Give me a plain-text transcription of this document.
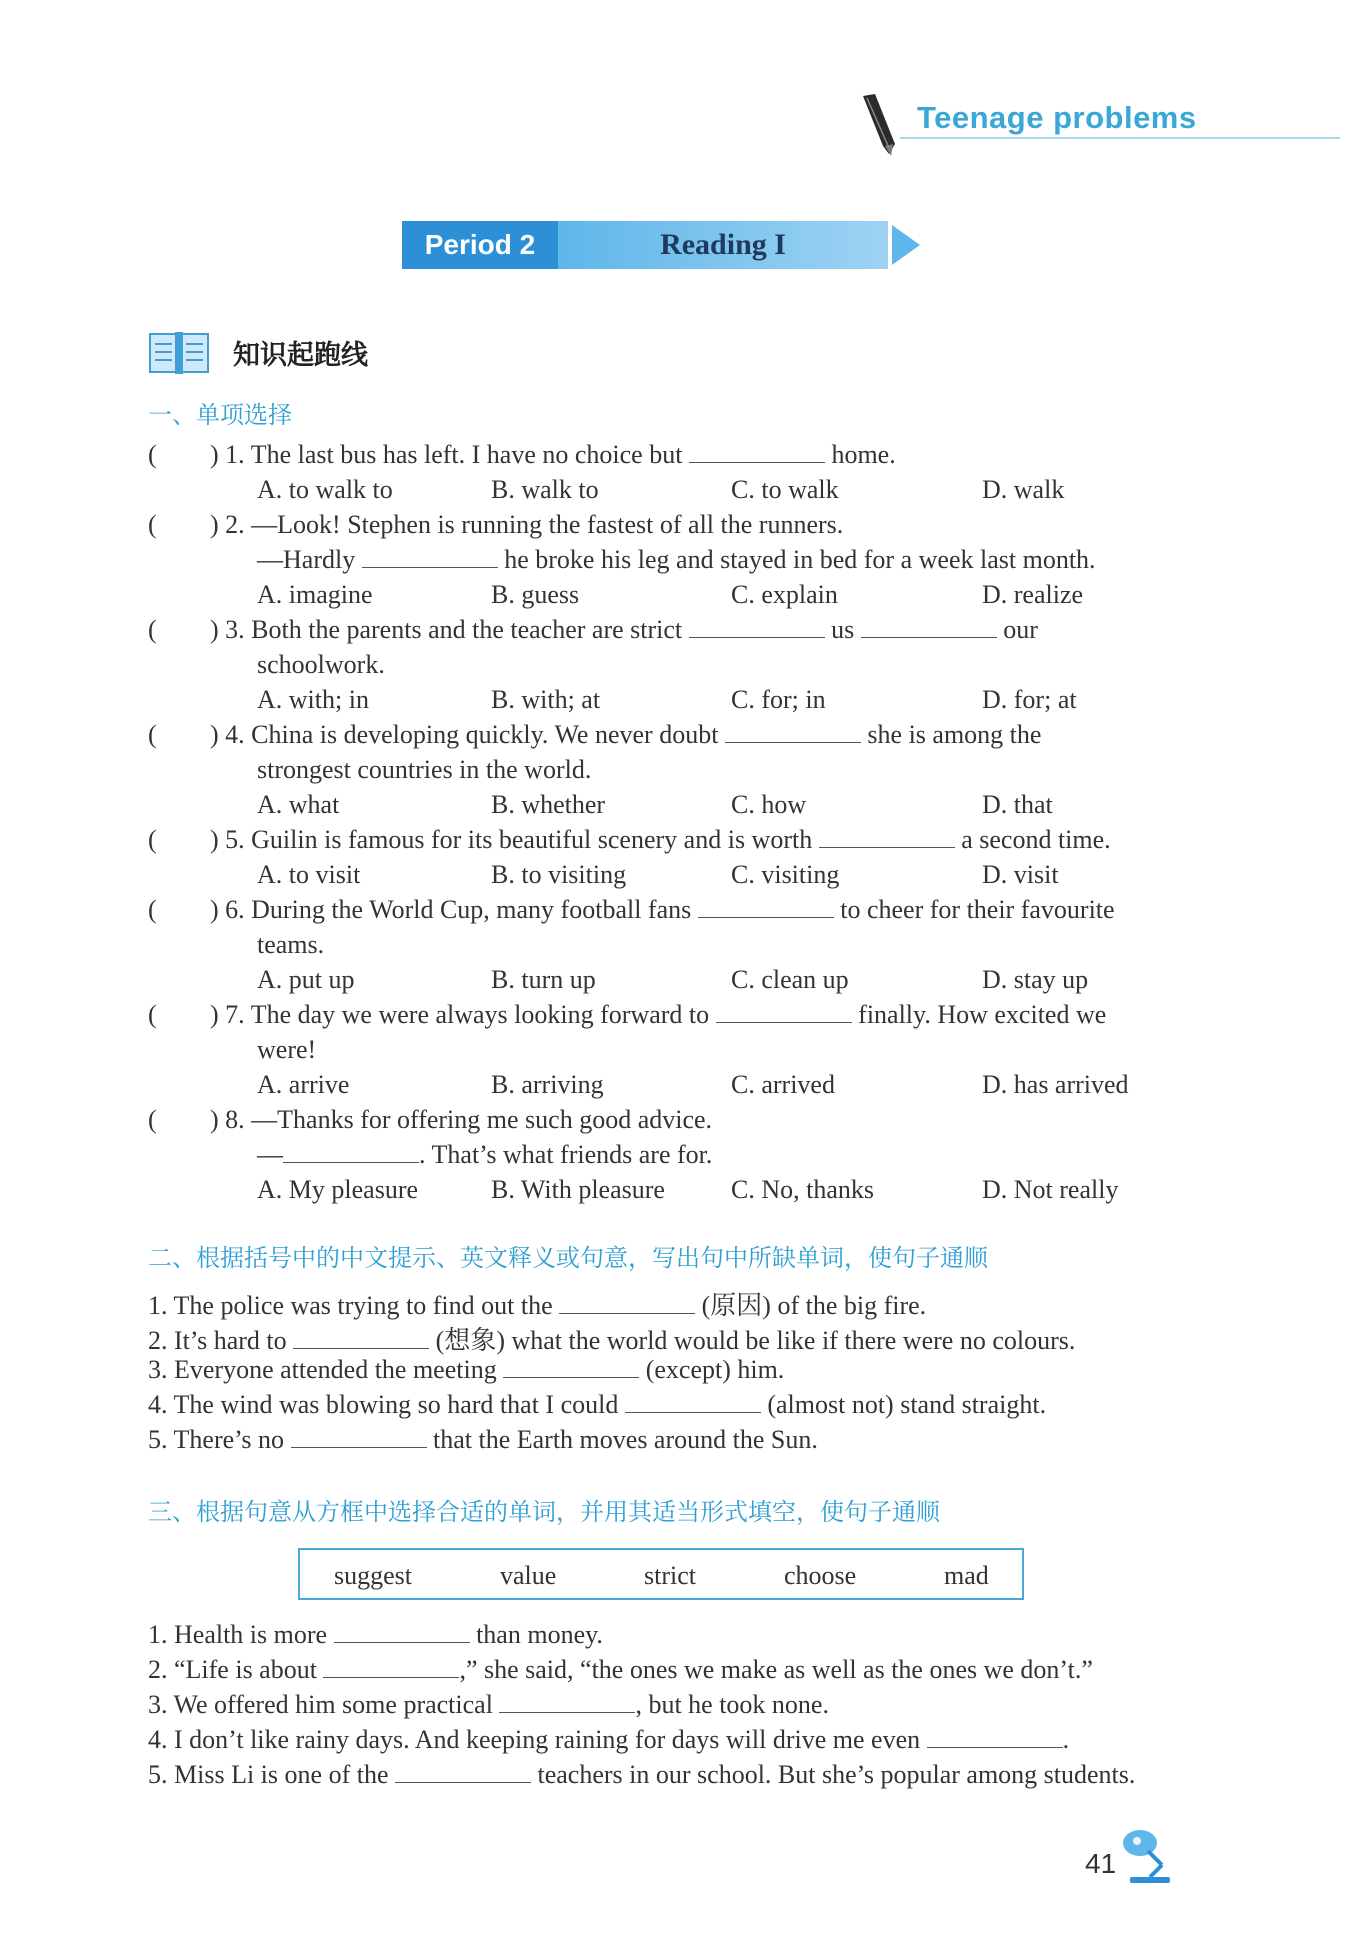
Teenage problems
Period 2	Reading I
知识起跑线
一、单项选择
( ) 1. The last bus has left. I have no choice but	home.
A. to walk to	B. walk to	C. to walk	D. walk
( ) 2. —Look! Stephen is running the fastest of all the runners.
—Hardly	he broke his leg and stayed in bed for a week last month.
A. imagine	B. guess	C. explain	D. realize
( ) 3. Both the parents and the teacher are strict	us	our
schoolwork.
A. with; in	B. with; at	C. for; in	D. for; at
( ) 4. China is developing quickly. We never doubt	she is among the
strongest countries in the world.
A. what	B. whether	C. how	D. that
( ) 5. Guilin is famous for its beautiful scenery and is worth	a second time.
A. to visit	B. to visiting	C. visiting	D. visit
( ) 6. During the World Cup, many football fans	to cheer for their favourite
teams.
A. put up	B. turn up	C. clean up	D. stay up
( ) 7. The day we were always looking forward to	finally. How excited we
were!
A. arrive	B. arriving	C. arrived	D. has arrived
( ) 8. —Thanks for offering me such good advice.
—	. That’s what friends are for.
A. My pleasure	B. With pleasure	C. No, thanks	D. Not really
二、根据括号中的中文提示、英文释义或句意，写出句中所缺单词，使句子通顺
1. The police was trying to find out the	(原因) of the big fire.
2. It’s hard to	(想象) what the world would be like if there were no colours.
3. Everyone attended the meeting	(except) him.
4. The wind was blowing so hard that I could	(almost not) stand straight.
5. There’s no	that the Earth moves around the Sun.
三、根据句意从方框中选择合适的单词，并用其适当形式填空，使句子通顺
suggest	value	strict	choose	mad
1. Health is more	than money.
2. “Life is about	,” she said, “the ones we make as well as the ones we don’t.”
3. We offered him some practical	, but he took none.
4. I don’t like rainy days. And keeping raining for days will drive me even	.
5. Miss Li is one of the	teachers in our school. But she’s popular among students.
41
